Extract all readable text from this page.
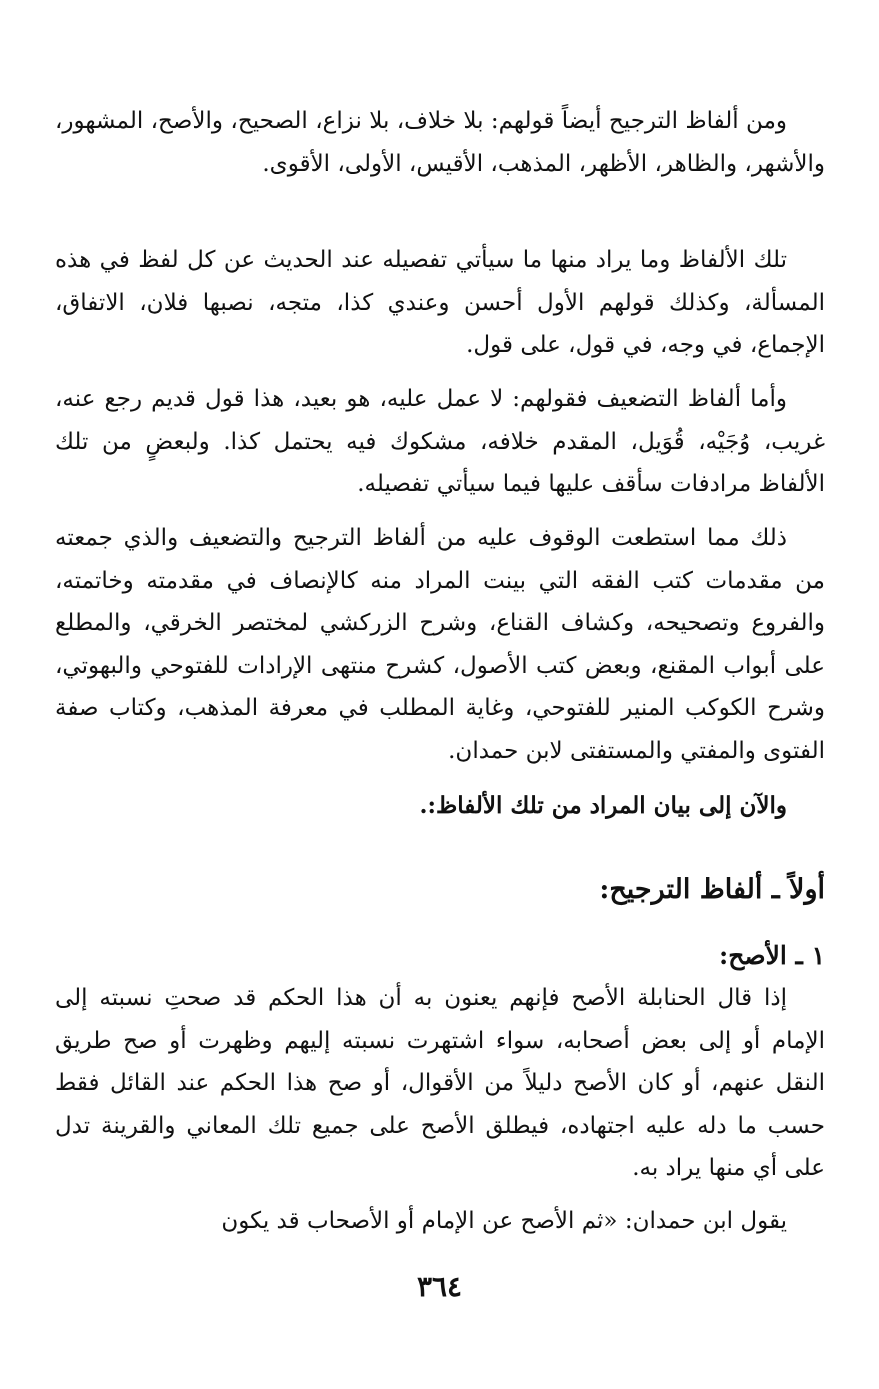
ومن ألفاظ الترجيح أيضاً قولهم: بلا خلاف، بلا نزاع، الصحيح، والأصح، المشهور، والأشهر، والظاهر، الأظهر، المذهب، الأقيس، الأولى، الأقوى.

تلك الألفاظ وما يراد منها ما سيأتي تفصيله عند الحديث عن كل لفظ في هذه المسألة، وكذلك قولهم الأول أحسن وعندي كذا، متجه، نصبها فلان، الاتفاق، الإجماع، في وجه، في قول، على قول.

وأما ألفاظ التضعيف فقولهم: لا عمل عليه، هو بعيد، هذا قول قديم رجع عنه، غريب، وُجَيْه، قُوَيل، المقدم خلافه، مشكوك فيه يحتمل كذا. ولبعضٍ من تلك الألفاظ مرادفات سأقف عليها فيما سيأتي تفصيله.

ذلك مما استطعت الوقوف عليه من ألفاظ الترجيح والتضعيف والذي جمعته من مقدمات كتب الفقه التي بينت المراد منه كالإنصاف في مقدمته وخاتمته، والفروع وتصحيحه، وكشاف القناع، وشرح الزركشي لمختصر الخرقي، والمطلع على أبواب المقنع، وبعض كتب الأصول، كشرح منتهى الإرادات للفتوحي والبهوتي، وشرح الكوكب المنير للفتوحي، وغاية المطلب في معرفة المذهب، وكتاب صفة الفتوى والمفتي والمستفتى لابن حمدان.

والآن إلى بيان المراد من تلك الألفاظ:.

أولاً ـ ألفاظ الترجيح:
١ ـ الأصح:

إذا قال الحنابلة الأصح فإنهم يعنون به أن هذا الحكم قد صحتِ نسبته إلى الإمام أو إلى بعض أصحابه، سواء اشتهرت نسبته إليهم وظهرت أو صح طريق النقل عنهم، أو كان الأصح دليلاً من الأقوال، أو صح هذا الحكم عند القائل فقط حسب ما دله عليه اجتهاده، فيطلق الأصح على جميع تلك المعاني والقرينة تدل على أي منها يراد به.

يقول ابن حمدان: «ثم الأصح عن الإمام أو الأصحاب قد يكون

٣٦٤
